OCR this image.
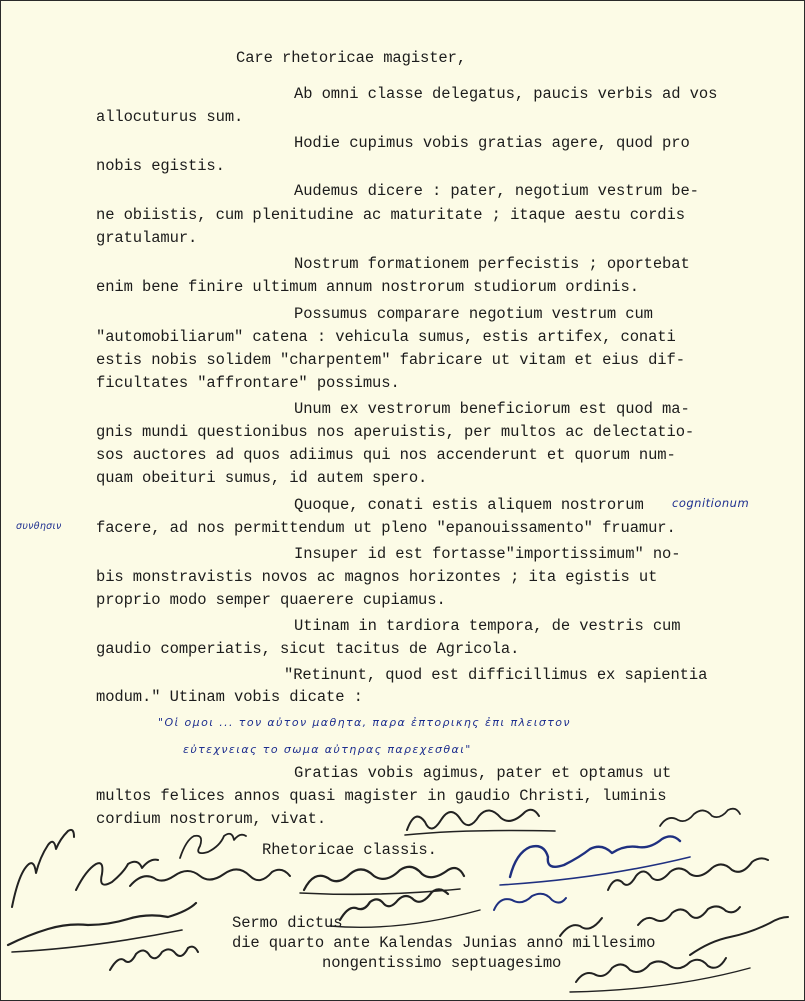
Care rhetoricae magister,
Ab omni classe delegatus, paucis verbis ad vos
allocuturus sum.
Hodie cupimus vobis gratias agere, quod pro
nobis egistis.
Audemus dicere : pater, negotium vestrum be-
ne obiistis, cum plenitudine ac maturitate ; itaque aestu cordis
gratulamur.
Nostrum formationem perfecistis ; oportebat
enim bene finire ultimum annum nostrorum studiorum ordinis.
Possumus comparare negotium vestrum cum
"automobiliarum" catena : vehicula sumus, estis artifex, conati
estis nobis solidem "charpentem" fabricare ut vitam et eius dif-
ficultates "affrontare" possimus.
Unum ex vestrorum beneficiorum est quod ma-
gnis mundi questionibus nos aperuistis, per multos ac delectatio-
sos auctores ad quos adiimus qui nos accenderunt et quorum num-
quam obeituri sumus, id autem spero.
Quoque, conati estis aliquem nostrorum
facere, ad nos permittendum ut pleno "epanouissamento" fruamur.
Insuper id est fortasse"importissimum" no-
bis monstravistis novos ac magnos horizontes ; ita egistis ut
proprio modo semper quaerere cupiamus.
Utinam in tardiora tempora, de vestris cum
gaudio comperiatis, sicut tacitus de Agricola.
"Retinunt, quod est difficillimus ex sapientia
modum." Utinam vobis dicate :
"Οἱ ομοι ... τον αὐτον μαθητα, παρα ἐπτορικης ἐπι πλειστον
εὐτεχνειας το σωμα αὐτηρας παρεχεσθαι"
Gratias vobis agimus, pater et optamus ut
multos felices annos quasi magister in gaudio Christi, luminis
cordium nostrorum, vivat.
cognitionum
συνθησιν
Rhetoricae classis.
Sermo dictus
die quarto ante Kalendas Junias anno millesimo
nongentissimo septuagesimo
